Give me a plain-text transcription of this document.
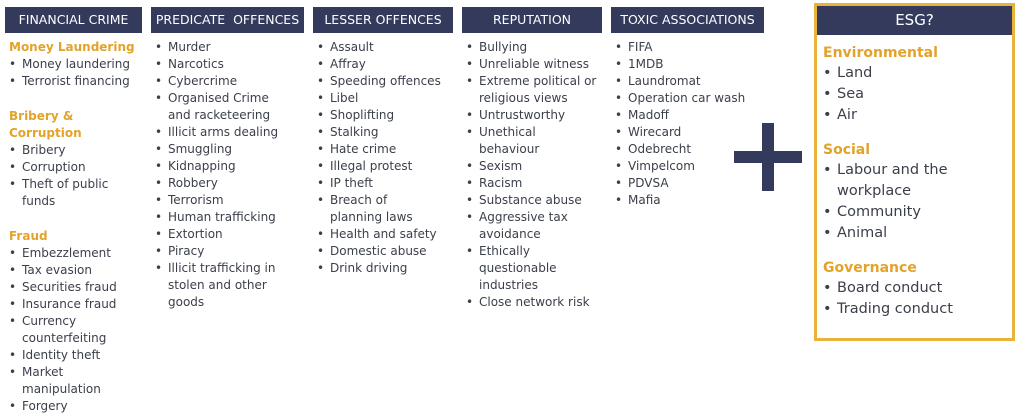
FINANCIAL CRIME
Money Laundering
• Money laundering
• Terrorist financing
Bribery & Corruption
• Bribery
• Corruption
• Theft of public funds
Fraud
• Embezzlement
• Tax evasion
• Securities fraud
• Insurance fraud
• Currency counterfeiting
• Identity theft
• Market manipulation
• Forgery
PREDICATE  OFFENCES
• Murder
• Narcotics
• Cybercrime
• Organised Crime and racketeering
• Illicit arms dealing
• Smuggling
• Kidnapping
• Robbery
• Terrorism
• Human trafficking
• Extortion
• Piracy
• Illicit trafficking in stolen and other goods
LESSER OFFENCES
• Assault
• Affray
• Speeding offences
• Libel
• Shoplifting
• Stalking
• Hate crime
• Illegal protest
• IP theft
• Breach of planning laws
• Health and safety
• Domestic abuse
• Drink driving
REPUTATION
• Bullying
• Unreliable witness
• Extreme political or religious views
• Untrustworthy
• Unethical behaviour
• Sexism
• Racism
• Substance abuse
• Aggressive tax avoidance
• Ethically questionable industries
• Close network risk
TOXIC ASSOCIATIONS
• FIFA
• 1MDB
• Laundromat
• Operation car wash
• Madoff
• Wirecard
• Odebrecht
• Vimpelcom
• PDVSA
• Mafia
ESG?
Environmental
• Land
• Sea
• Air
Social
• Labour and the workplace
• Community
• Animal
Governance
• Board conduct
• Trading conduct
